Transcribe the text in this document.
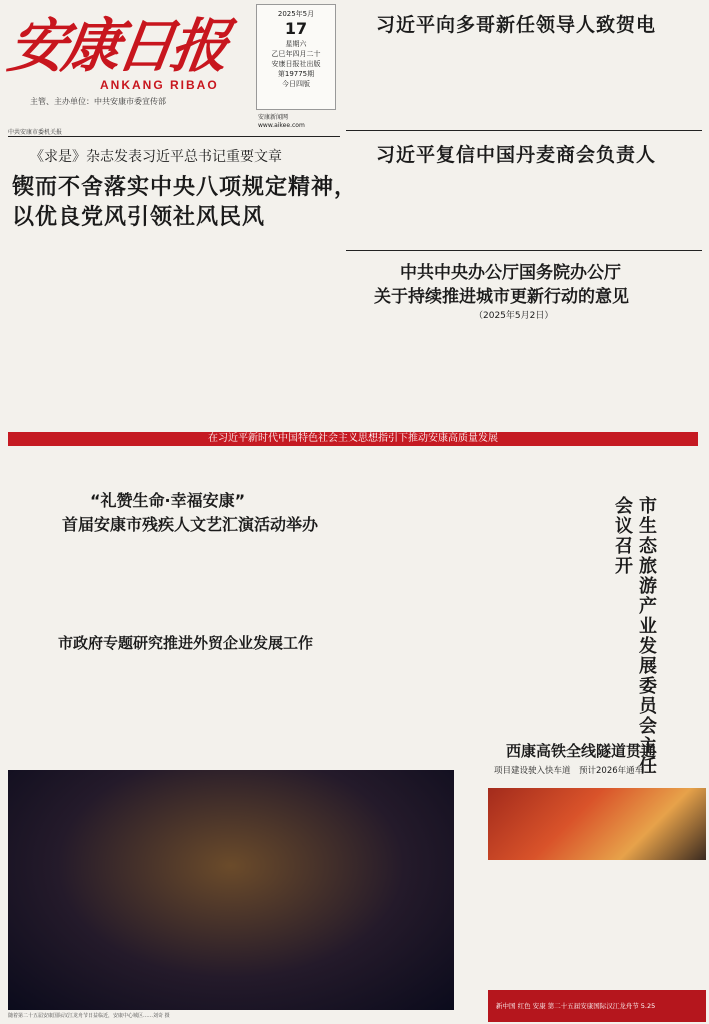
安康日报
ANKANG RIBAO
主管、主办单位：中共安康市委宣传部
2025年5月
17
星期六
乙巳年四月二十
安康日报社出版
第19775期
今日四版
安康新闻网
www.aikee.com
中共安康市委机关报
习近平向多哥新任领导人致贺电
习近平复信中国丹麦商会负责人
《求是》杂志发表习近平总书记重要文章
锲而不舍落实中央八项规定精神，
以优良党风引领社风民风
中共中央办公厅国务院办公厅
关于持续推进城市更新行动的意见
（2025年5月2日）
在习近平新时代中国特色社会主义思想指引下推动安康高质量发展
“礼赞生命·幸福安康”
首届安康市残疾人文艺汇演活动举办
市政府专题研究推进外贸企业发展工作	市生态旅游产业发展委员会主任会议召开
随着第二十五届安康国际汉江龙舟节日益临近，安康中心城区……刘奇 摄
西康高铁全线隧道贯通
项目建设驶入快车道　预计2026年通车
新中国 红色 安康 第二十五届安康国际汉江龙舟节 5.25
